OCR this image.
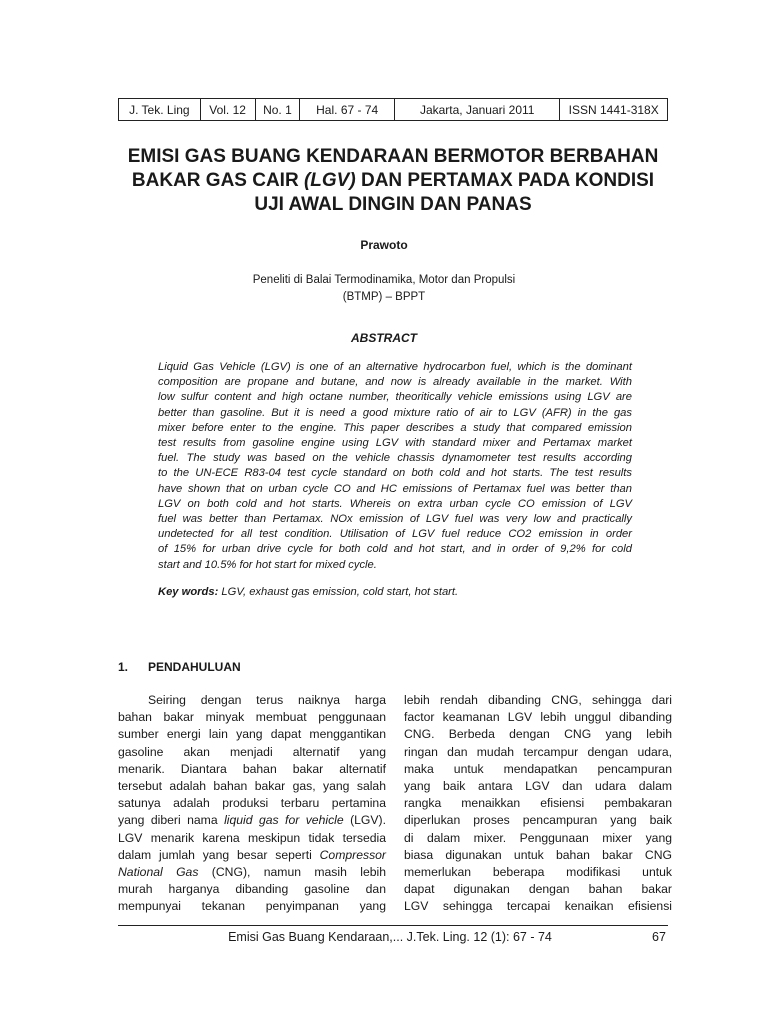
J. Tek. Ling	Vol. 12	No. 1	Hal. 67 - 74	Jakarta, Januari 2011	ISSN 1441-318X
EMISI GAS BUANG KENDARAAN BERMOTOR BERBAHAN
BAKAR GAS CAIR (LGV) DAN PERTAMAX PADA KONDISI
UJI AWAL DINGIN DAN PANAS
Prawoto
Peneliti di Balai Termodinamika, Motor dan Propulsi
(BTMP) – BPPT
ABSTRACT
Liquid Gas Vehicle (LGV) is one of an alternative hydrocarbon fuel, which is the dominant
composition are propane and butane, and now is already available in the market. With
low sulfur content and high octane number, theoritically vehicle emissions using LGV are
better than gasoline. But it is need a good mixture ratio of air to LGV (AFR) in the gas
mixer before enter to the engine. This paper describes a study that compared emission
test results from gasoline engine using LGV with standard mixer and Pertamax market
fuel. The study was based on the vehicle chassis dynamometer test results according
to the UN-ECE R83-04 test cycle standard on both cold and hot starts. The test results
have shown that on urban cycle CO and HC emissions of Pertamax fuel was better than
LGV on both cold and hot starts. Whereis on extra urban cycle CO emission of LGV
fuel was better than Pertamax. NOx emission of LGV fuel was very low and practically
undetected for all test condition. Utilisation of LGV fuel reduce CO2 emission in order
of 15% for urban drive cycle for both cold and hot start, and in order of 9,2% for cold
start and 10.5% for hot start for mixed cycle.
Key words: LGV, exhaust gas emission, cold start, hot start.
1. PENDAHULUAN
Seiring dengan terus naiknya harga
bahan bakar minyak membuat penggunaan
sumber energi lain yang dapat menggantikan
gasoline akan menjadi alternatif yang
menarik. Diantara bahan bakar alternatif
tersebut adalah bahan bakar gas, yang salah
satunya adalah produksi terbaru pertamina
yang diberi nama liquid gas for vehicle (LGV).
LGV menarik karena meskipun tidak tersedia
dalam jumlah yang besar seperti Compressor
National Gas (CNG), namun masih lebih
murah harganya dibanding gasoline dan
mempunyai tekanan penyimpanan yang
lebih rendah dibanding CNG, sehingga dari
factor keamanan LGV lebih unggul dibanding
CNG. Berbeda dengan CNG yang lebih
ringan dan mudah tercampur dengan udara,
maka untuk mendapatkan pencampuran
yang baik antara LGV dan udara dalam
rangka menaikkan efisiensi pembakaran
diperlukan proses pencampuran yang baik
di dalam mixer. Penggunaan mixer yang
biasa digunakan untuk bahan bakar CNG
memerlukan beberapa modifikasi untuk
dapat digunakan dengan bahan bakar
LGV sehingga tercapai kenaikan efisiensi
Emisi Gas Buang Kendaraan,... J.Tek. Ling. 12 (1): 67 - 74	67
